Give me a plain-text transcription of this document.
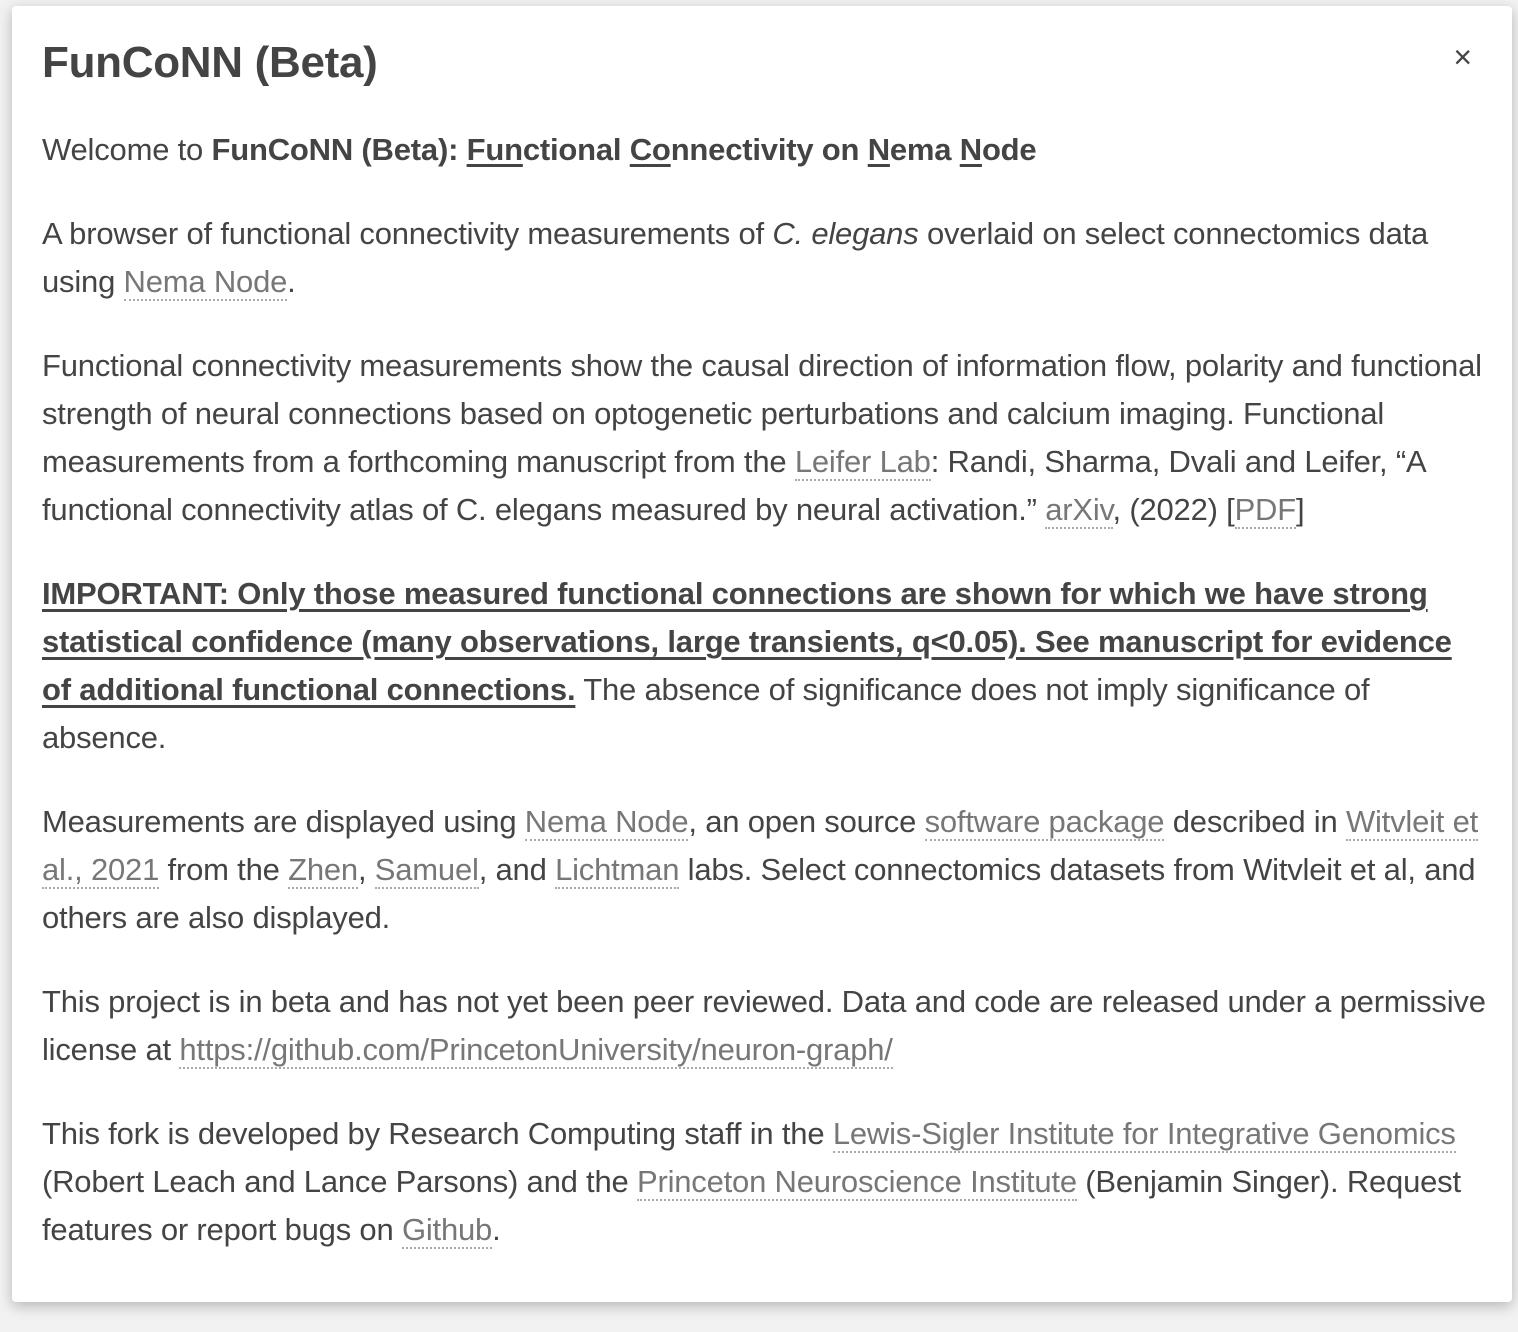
FunCoNN (Beta)	×

Welcome to FunCoNN (Beta): Functional Connectivity on Nema Node

A browser of functional connectivity measurements of C. elegans overlaid on select connectomics data using Nema Node.

Functional connectivity measurements show the causal direction of information flow, polarity and functional strength of neural connections based on optogenetic perturbations and calcium imaging. Functional measurements from a forthcoming manuscript from the Leifer Lab: Randi, Sharma, Dvali and Leifer, “A functional connectivity atlas of C. elegans measured by neural activation.” arXiv, (2022) [PDF]

IMPORTANT: Only those measured functional connections are shown for which we have strong statistical confidence (many observations, large transients, q<0.05). See manuscript for evidence of additional functional connections. The absence of significance does not imply significance of absence.

Measurements are displayed using Nema Node, an open source software package described in Witvleit et al., 2021 from the Zhen, Samuel, and Lichtman labs. Select connectomics datasets from Witvleit et al, and others are also displayed.

This project is in beta and has not yet been peer reviewed. Data and code are released under a permissive license at https://github.com/PrincetonUniversity/neuron-graph/

This fork is developed by Research Computing staff in the Lewis-Sigler Institute for Integrative Genomics (Robert Leach and Lance Parsons) and the Princeton Neuroscience Institute (Benjamin Singer). Request features or report bugs on Github.
